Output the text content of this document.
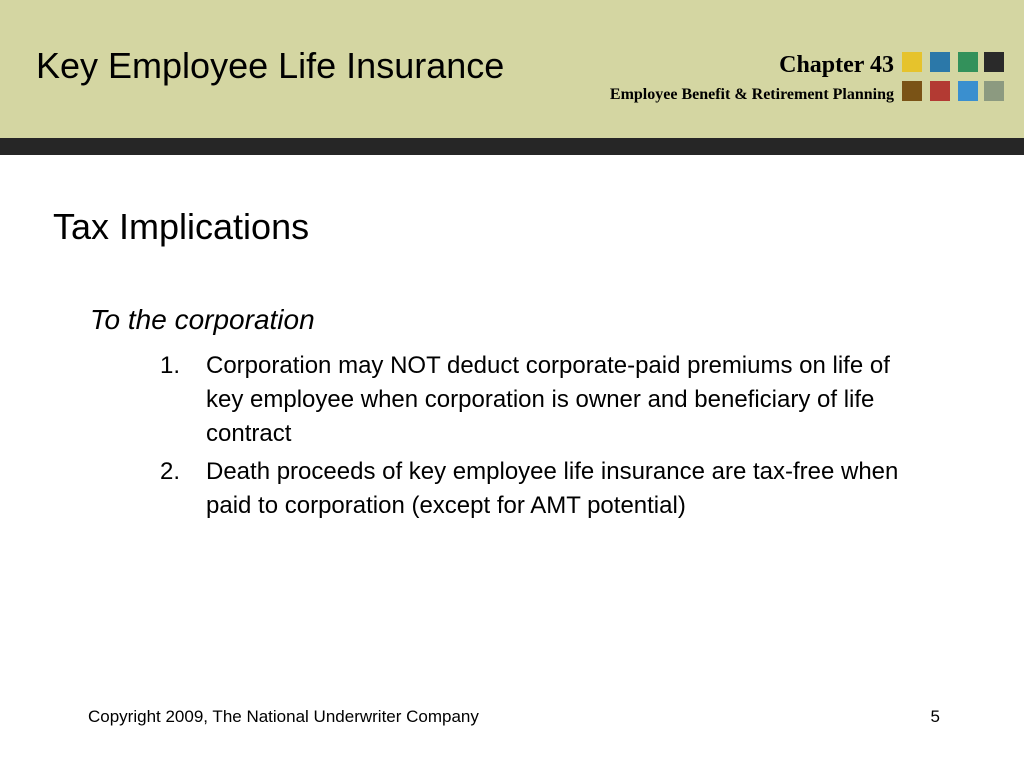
Key Employee Life Insurance	Chapter 43
Employee Benefit & Retirement Planning
Tax Implications
To the corporation
1.	Corporation may NOT deduct corporate-paid premiums on life of key employee when corporation is owner and beneficiary of life contract
2.	Death proceeds of key employee life insurance are tax-free when paid to corporation (except for AMT potential)
Copyright 2009, The National Underwriter Company	5
